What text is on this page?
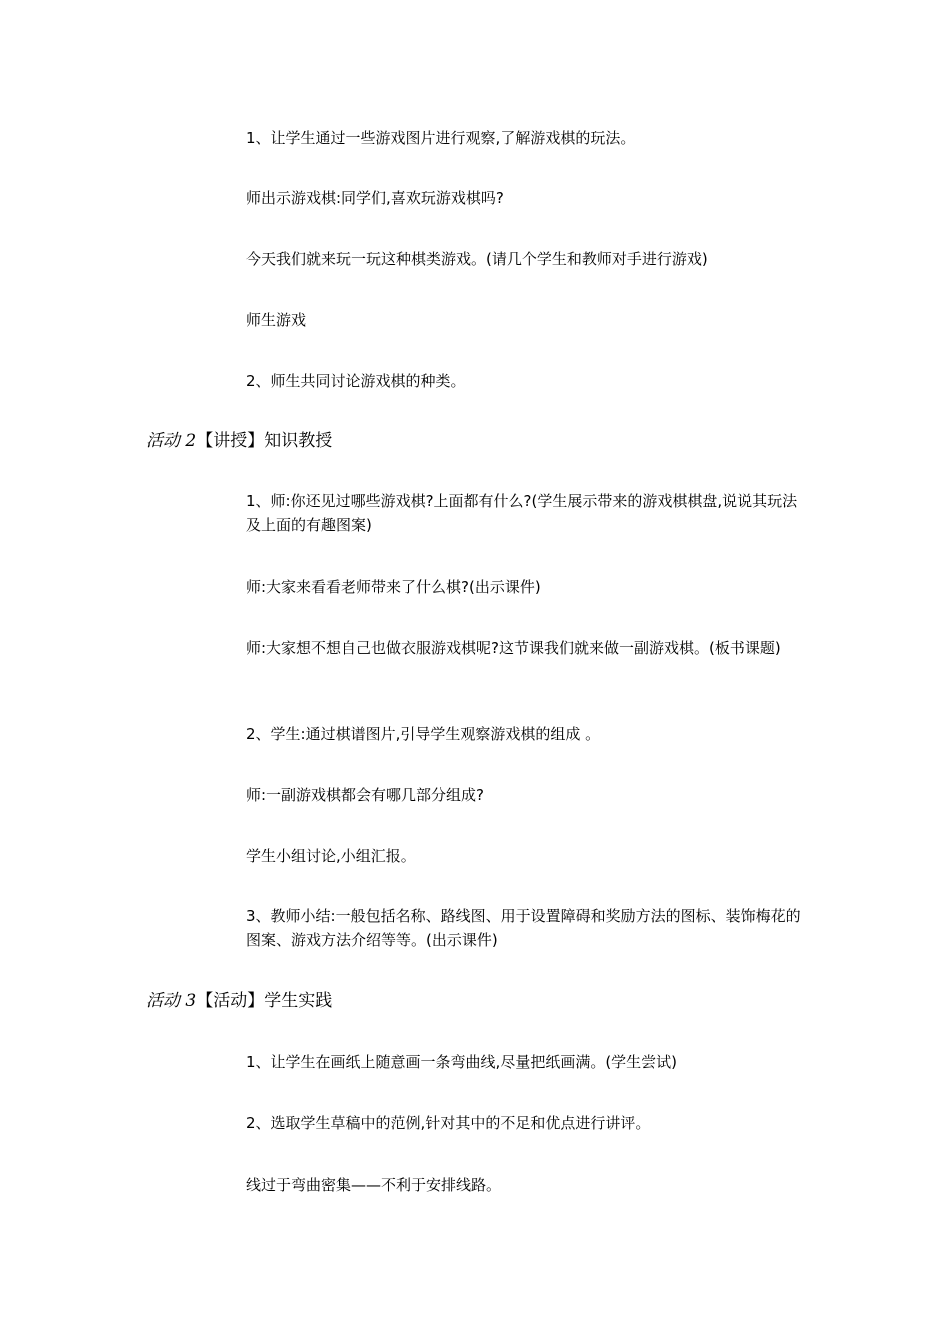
1、让学生通过一些游戏图片进行观察,了解游戏棋的玩法。
师出示游戏棋:同学们,喜欢玩游戏棋吗?
今天我们就来玩一玩这种棋类游戏。(请几个学生和教师对手进行游戏)
师生游戏
2、师生共同讨论游戏棋的种类。
活动 2【讲授】知识教授
1、师:你还见过哪些游戏棋?上面都有什么?(学生展示带来的游戏棋棋盘,说说其玩法及上面的有趣图案)
师:大家来看看老师带来了什么棋?(出示课件)
师:大家想不想自己也做衣服游戏棋呢?这节课我们就来做一副游戏棋。(板书课题)
2、学生:通过棋谱图片,引导学生观察游戏棋的组成 。
师:一副游戏棋都会有哪几部分组成?
学生小组讨论,小组汇报。
3、教师小结:一般包括名称、路线图、用于设置障碍和奖励方法的图标、装饰梅花的图案、游戏方法介绍等等。(出示课件)
活动 3【活动】学生实践
1、让学生在画纸上随意画一条弯曲线,尽量把纸画满。(学生尝试)
2、选取学生草稿中的范例,针对其中的不足和优点进行讲评。
线过于弯曲密集——不利于安排线路。
